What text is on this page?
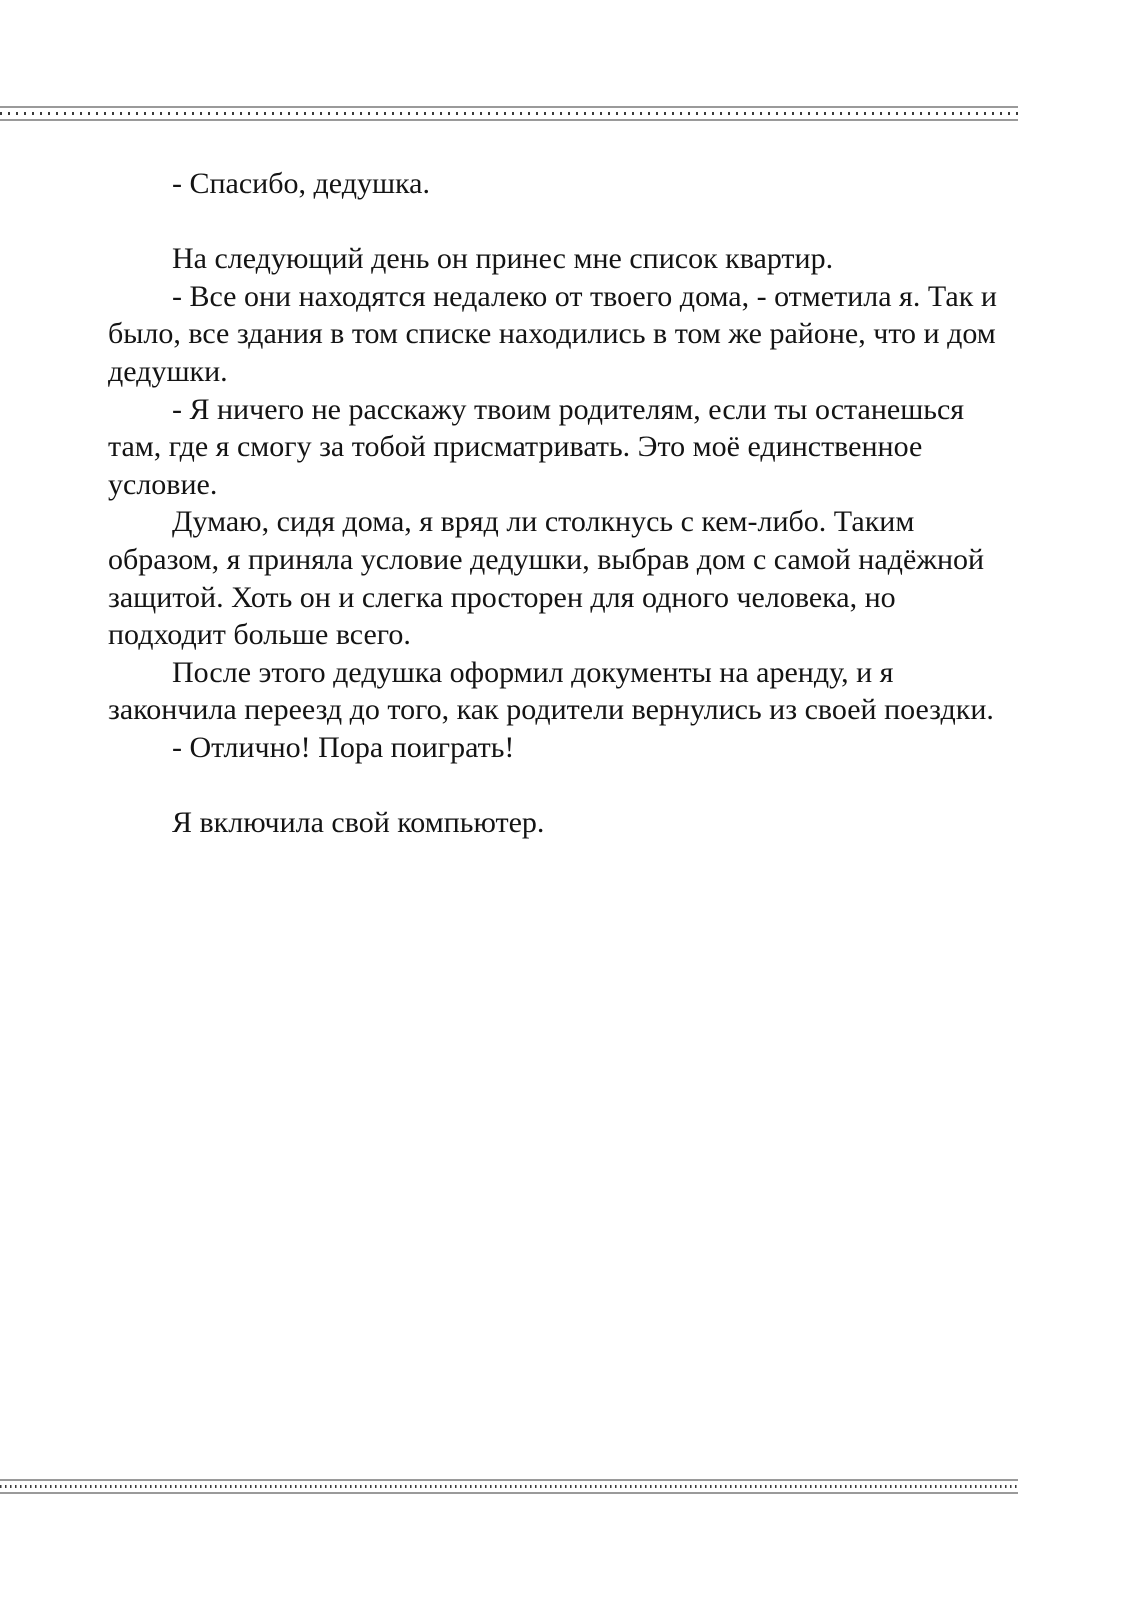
- Спасибо, дедушка.

На следующий день он принес мне список квартир.

- Все они находятся недалеко от твоего дома, - отметила я. Так и было, все здания в том списке находились в том же районе, что и дом дедушки.

- Я ничего не расскажу твоим родителям, если ты останешься там, где я смогу за тобой присматривать. Это моё единственное условие.

Думаю, сидя дома, я вряд ли столкнусь с кем-либо. Таким образом, я приняла условие дедушки, выбрав дом с самой надёжной защитой. Хоть он и слегка просторен для одного человека, но подходит больше всего.

После этого дедушка оформил документы на аренду, и я закончила переезд до того, как родители вернулись из своей поездки.

- Отлично! Пора поиграть!

Я включила свой компьютер.
